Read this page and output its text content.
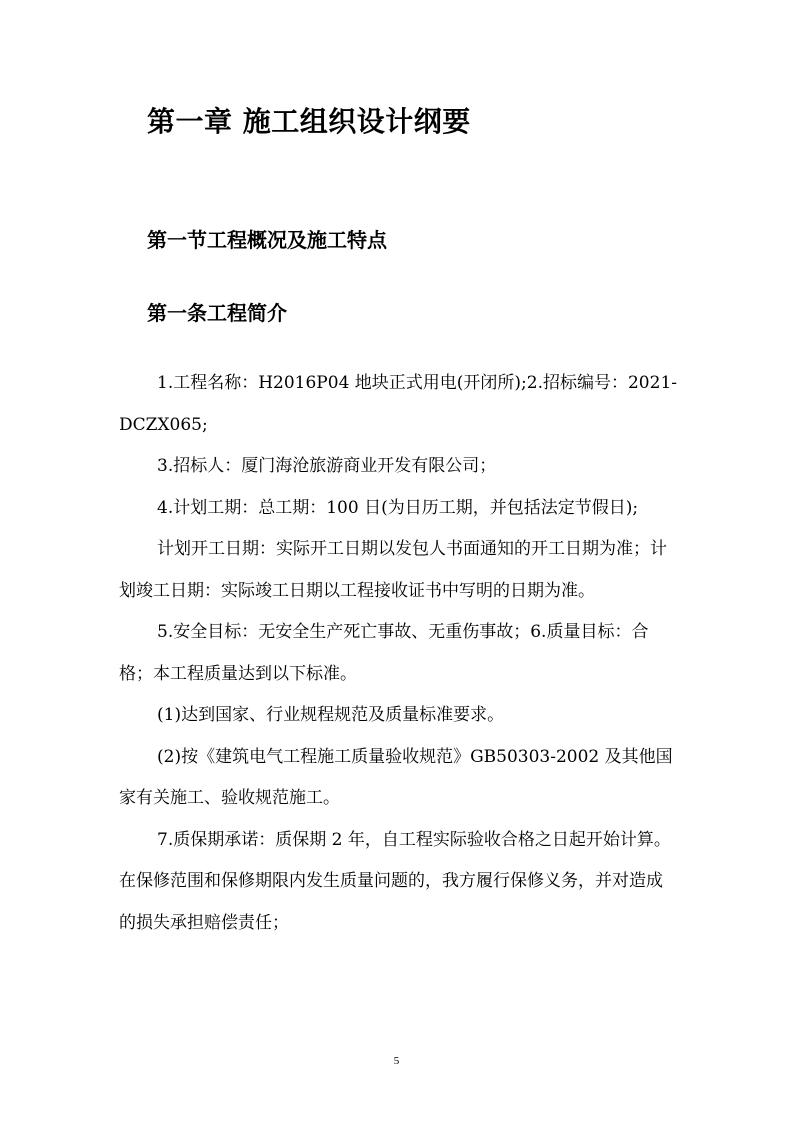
第一章 施工组织设计纲要
第一节工程概况及施工特点
第一条工程简介

1.工程名称：H2016P04 地块正式用电(开闭所);2.招标编号：2021-DCZX065;

3.招标人：厦门海沧旅游商业开发有限公司；

4.计划工期：总工期：100 日(为日历工期，并包括法定节假日);

计划开工日期：实际开工日期以发包人书面通知的开工日期为准；计划竣工日期：实际竣工日期以工程接收证书中写明的日期为准。

5.安全目标：无安全生产死亡事故、无重伤事故；6.质量目标：合格；本工程质量达到以下标准。

(1)达到国家、行业规程规范及质量标准要求。

(2)按《建筑电气工程施工质量验收规范》GB50303-2002 及其他国家有关施工、验收规范施工。

7.质保期承诺：质保期 2 年，自工程实际验收合格之日起开始计算。在保修范围和保修期限内发生质量问题的，我方履行保修义务，并对造成的损失承担赔偿责任；

5
